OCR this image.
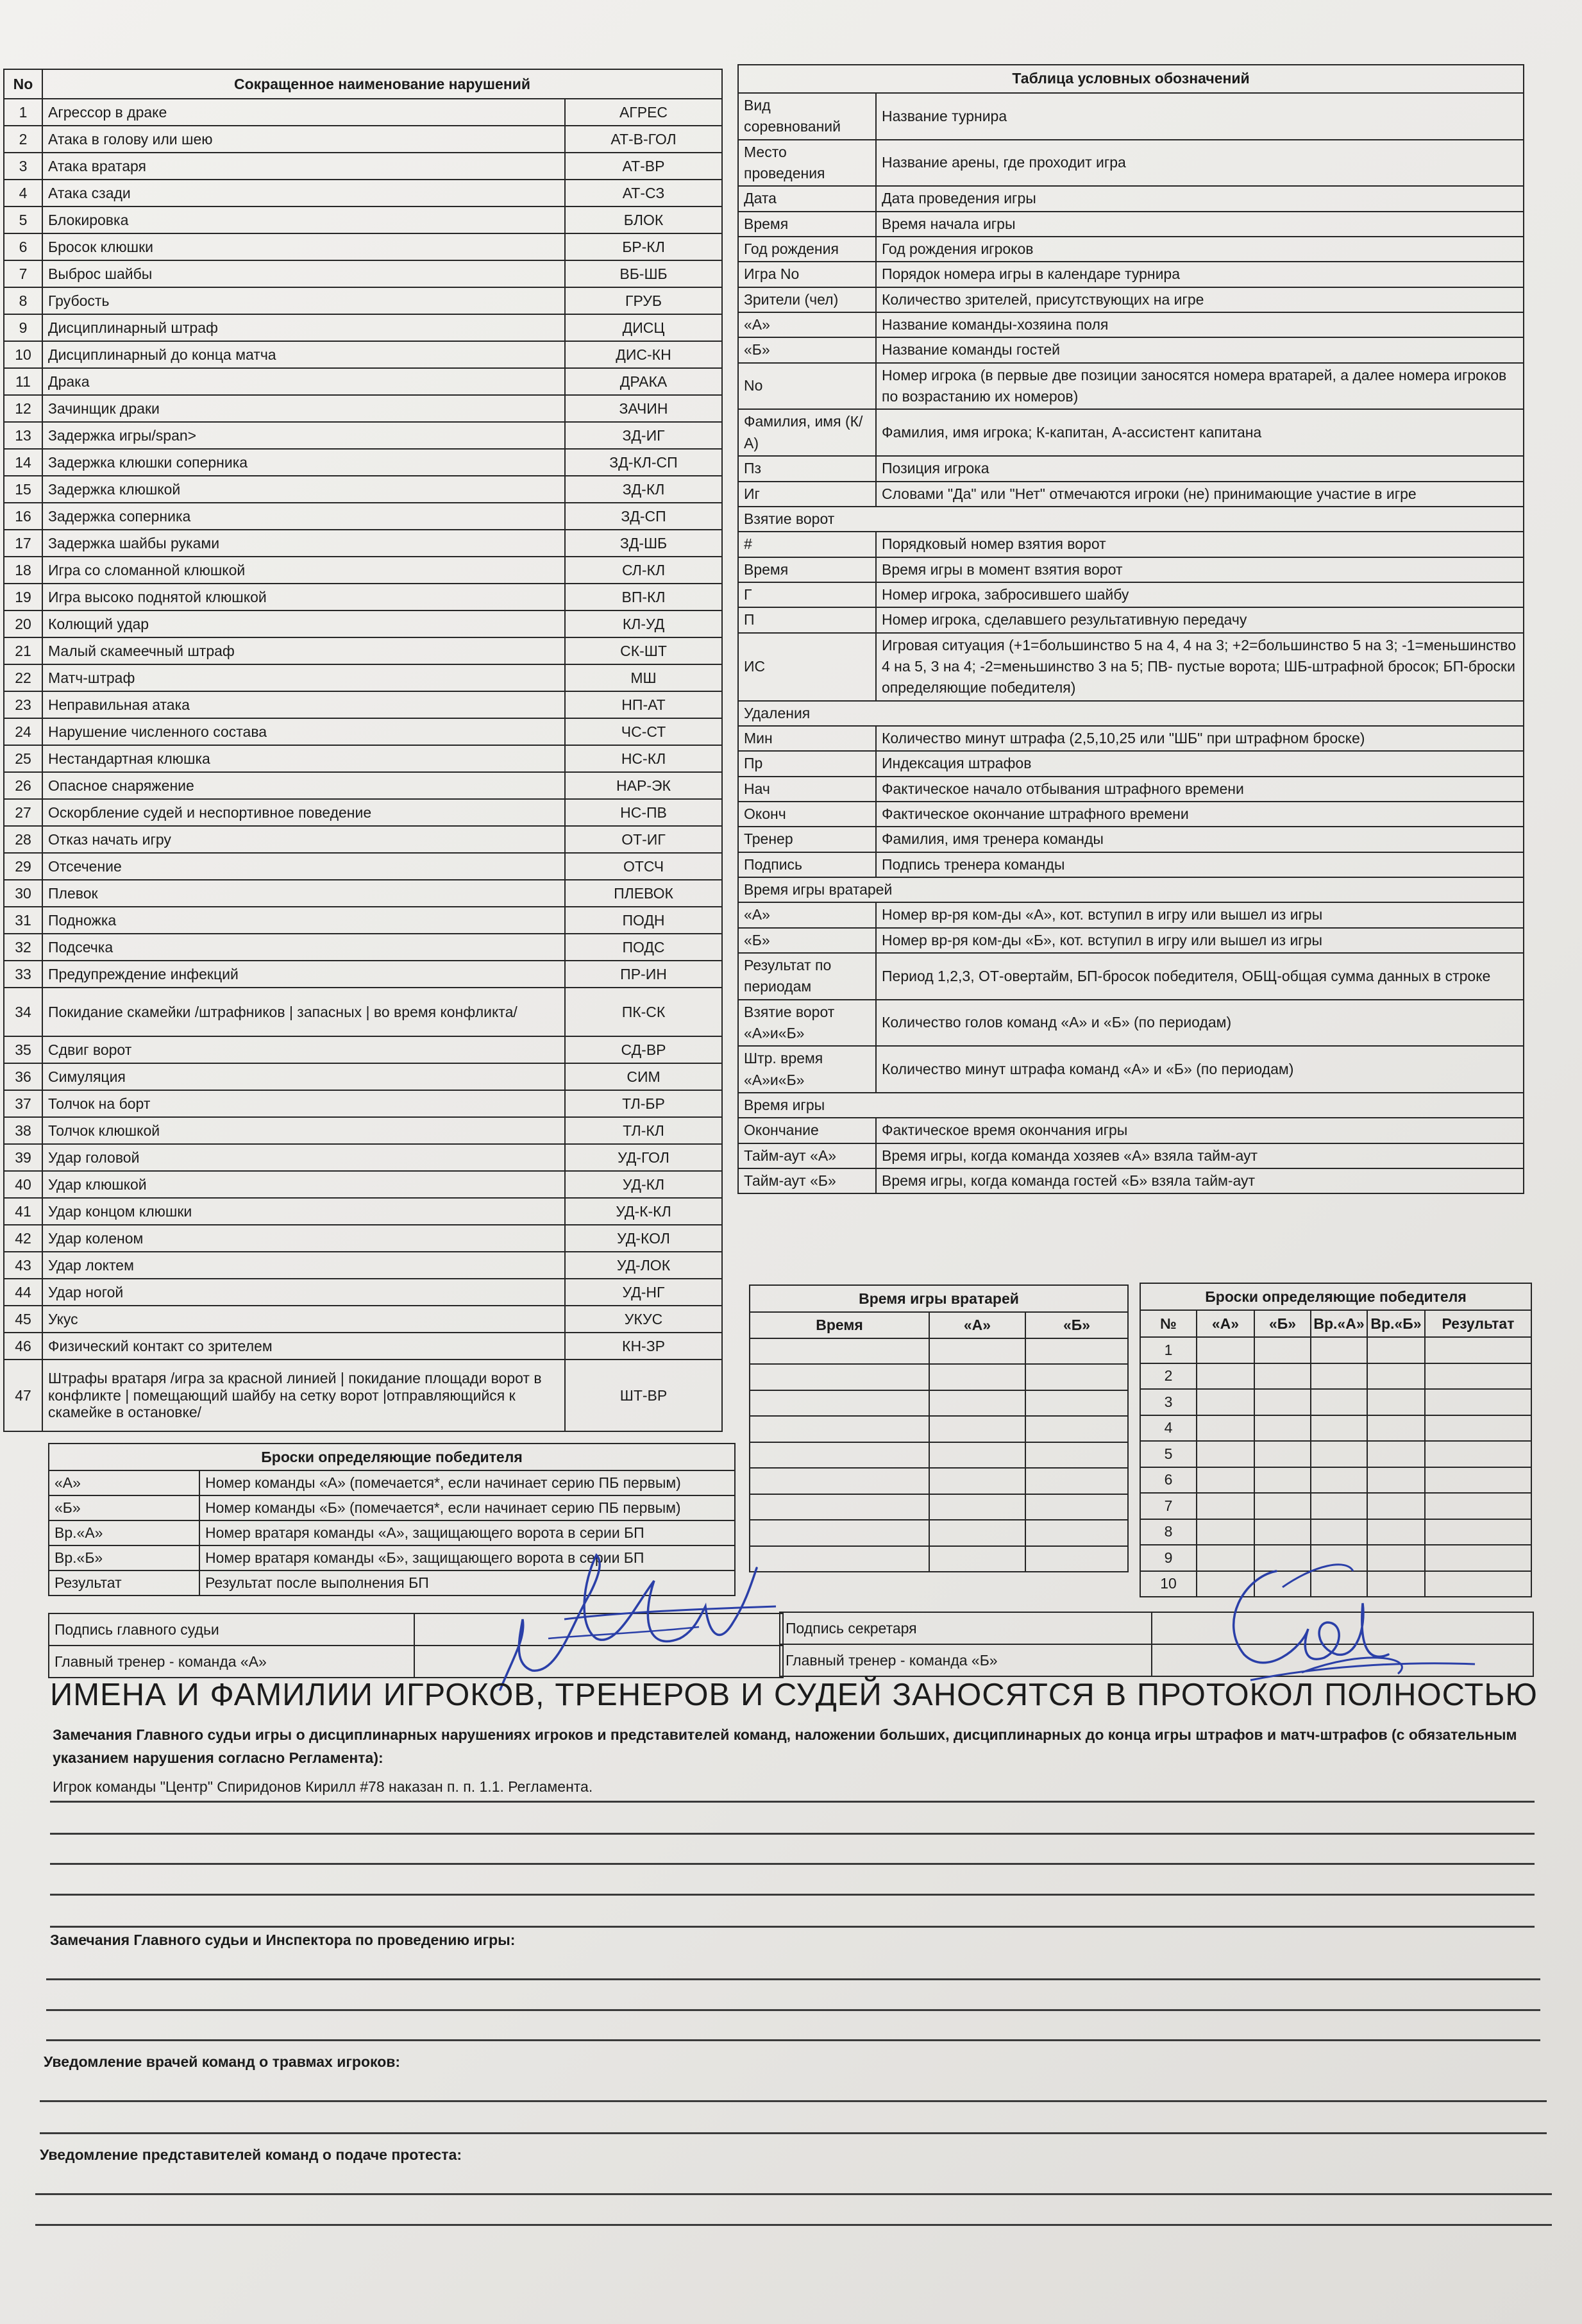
No	Сокращенное наименование нарушений	
1	Агрессор в драке	АГРЕС
2	Атака в голову или шею	АТ-В-ГОЛ
3	Атака вратаря	АТ-ВР
4	Атака сзади	АТ-СЗ
5	Блокировка	БЛОК
6	Бросок клюшки	БР-КЛ
7	Выброс шайбы	ВБ-ШБ
8	Грубость	ГРУБ
9	Дисциплинарный штраф	ДИСЦ
10	Дисциплинарный до конца матча	ДИС-КН
11	Драка	ДРАКА
12	Зачинщик драки	ЗАЧИН
13	Задержка игры/span>	ЗД-ИГ
14	Задержка клюшки соперника	ЗД-КЛ-СП
15	Задержка клюшкой	ЗД-КЛ
16	Задержка соперника	ЗД-СП
17	Задержка шайбы руками	ЗД-ШБ
18	Игра со сломанной клюшкой	СЛ-КЛ
19	Игра высоко поднятой клюшкой	ВП-КЛ
20	Колющий удар	КЛ-УД
21	Малый скамеечный штраф	СК-ШТ
22	Матч-штраф	МШ
23	Неправильная атака	НП-АТ
24	Нарушение численного состава	ЧС-СТ
25	Нестандартная клюшка	НС-КЛ
26	Опасное снаряжение	НАР-ЭК
27	Оскорбление судей и неспортивное поведение	НС-ПВ
28	Отказ начать игру	ОТ-ИГ
29	Отсечение	ОТСЧ
30	Плевок	ПЛЕВОК
31	Подножка	ПОДН
32	Подсечка	ПОДС
33	Предупреждение инфекций	ПР-ИН
34	Покидание скамейки /штрафников | запасных | во время конфликта/	ПК-СК
35	Сдвиг ворот	СД-ВР
36	Симуляция	СИМ
37	Толчок на борт	ТЛ-БР
38	Толчок клюшкой	ТЛ-КЛ
39	Удар головой	УД-ГОЛ
40	Удар клюшкой	УД-КЛ
41	Удар концом клюшки	УД-К-КЛ
42	Удар коленом	УД-КОЛ
43	Удар локтем	УД-ЛОК
44	Удар ногой	УД-НГ
45	Укус	УКУС
46	Физический контакт со зрителем	КН-ЗР
47	Штрафы вратаря /игра за красной линией | покидание площади ворот в конфликте | помещающий шайбу на сетку ворот |отправляющийся к скамейке в остановке/	ШТ-ВР
Таблица условных обозначений	
Вид соревнований	Название турнира
Место проведения	Название арены, где проходит игра
Дата	Дата проведения игры
Время	Время начала игры
Год рождения	Год рождения игроков
Игра No	Порядок номера игры в календаре турнира
Зрители (чел)	Количество зрителей, присутствующих на игре
«А»	Название команды-хозяина поля
«Б»	Название команды гостей
No	Номер игрока (в первые две позиции заносятся номера вратарей, а далее номера игроков по возрастанию их номеров)
Фамилия, имя (К/А)	Фамилия, имя игрока; К-капитан, А-ассистент капитана
Пз	Позиция игрока
Иг	Словами "Да" или "Нет" отмечаются игроки (не) принимающие участие в игре
Взятие ворот	
#	Порядковый номер взятия ворот
Время	Время игры в момент взятия ворот
Г	Номер игрока, забросившего шайбу
П	Номер игрока, сделавшего результативную передачу
ИС	Игровая ситуация (+1=большинство 5 на 4, 4 на 3; +2=большинство 5 на 3; -1=меньшинство 4 на 5, 3 на 4; -2=меньшинство 3 на 5; ПВ- пустые ворота; ШБ-штрафной бросок; БП-броски определяющие победителя)
Удаления	
Мин	Количество минут штрафа (2,5,10,25 или "ШБ" при штрафном броске)
Пр	Индексация штрафов
Нач	Фактическое начало отбывания штрафного времени
Оконч	Фактическое окончание штрафного времени
Тренер	Фамилия, имя тренера команды
Подпись	Подпись тренера команды
Время игры вратарей	
«А»	Номер вр-ря ком-ды «А», кот. вступил в игру или вышел из игры
«Б»	Номер вр-ря ком-ды «Б», кот. вступил в игру или вышел из игры
Результат по периодам	Период 1,2,3, ОТ-овертайм, БП-бросок победителя, ОБЩ-общая сумма данных в строке
Взятие ворот «А»и«Б»	Количество голов команд «А» и «Б» (по периодам)
Штр. время «А»и«Б»	Количество минут штрафа команд «А» и «Б» (по периодам)
Время игры	
Окончание	Фактическое время окончания игры
Тайм-аут «А»	Время игры, когда команда хозяев «А» взяла тайм-аут
Тайм-аут «Б»	Время игры, когда команда гостей «Б» взяла тайм-аут
Броски определяющие победителя	
«А»	Номер команды «А» (помечается*, если начинает серию ПБ первым)
«Б»	Номер команды «Б» (помечается*, если начинает серию ПБ первым)
Вр.«А»	Номер вратаря команды «А», защищающего ворота в серии БП
Вр.«Б»	Номер вратаря команды «Б», защищающего ворота в серии БП
Результат	Результат после выполнения БП
Время игры вратарей		
Время	«А»	«Б»

Броски определяющие победителя					
№	«А»	«Б»	Вр.«А»	Вр.«Б»	Результат
1					
2					
3					
4					
5					
6					
7					
8					
9					
10					
Подпись главного судьи	
Главный тренер - команда «А»	
Подпись секретаря	
Главный тренер - команда «Б»	
ИМЕНА И ФАМИЛИИ ИГРОКОВ, ТРЕНЕРОВ И СУДЕЙ ЗАНОСЯТСЯ В ПРОТОКОЛ ПОЛНОСТЬЮ
Замечания Главного судьи игры о дисциплинарных нарушениях игроков и представителей команд, наложении больших, дисциплинарных до конца игры штрафов и матч-штрафов (с обязательным указанием нарушения согласно Регламента):
Игрок команды "Центр" Спиридонов Кирилл #78 наказан п. п. 1.1. Регламента.
Замечания Главного судьи и Инспектора по проведению игры:
Уведомление врачей команд о травмах игроков:
Уведомление представителей команд о подаче протеста:
